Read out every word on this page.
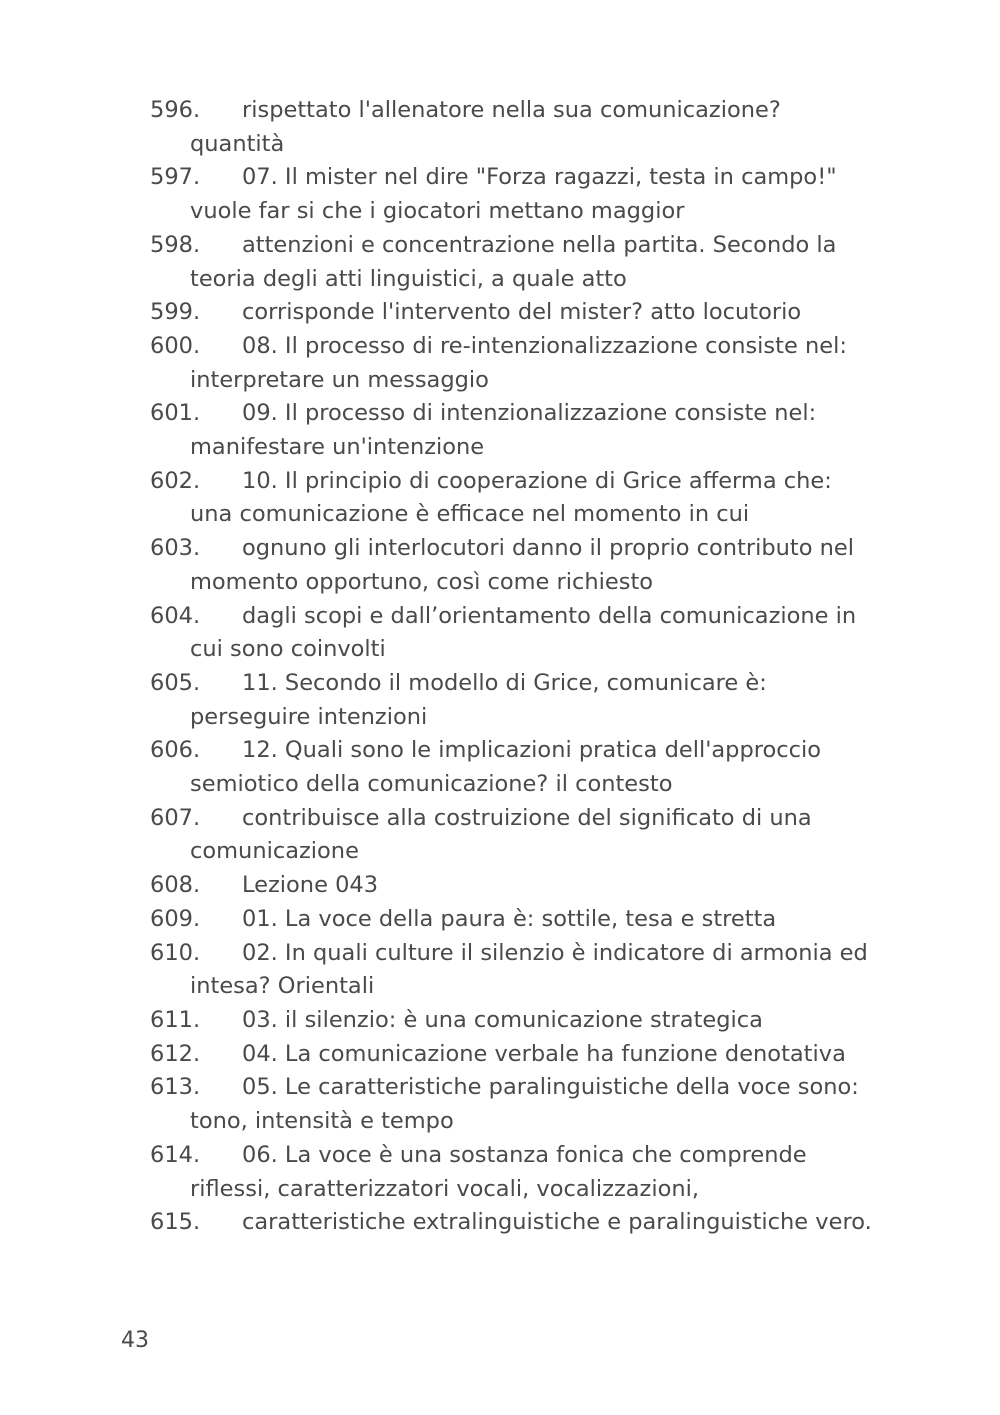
596.	rispettato l'allenatore nella sua comunicazione?
quantità
597.	07. Il mister nel dire "Forza ragazzi, testa in campo!"
vuole far si che i giocatori mettano maggior
598.	attenzioni e concentrazione nella partita. Secondo la
teoria degli atti linguistici, a quale atto
599.	corrisponde l'intervento del mister? atto locutorio
600.	08. Il processo di re-intenzionalizzazione consiste nel:
interpretare un messaggio
601.	09. Il processo di intenzionalizzazione consiste nel:
manifestare un'intenzione
602.	10. Il principio di cooperazione di Grice afferma che:
una comunicazione è efficace nel momento in cui
603.	ognuno gli interlocutori danno il proprio contributo nel
momento opportuno, così come richiesto
604.	dagli scopi e dall’orientamento della comunicazione in
cui sono coinvolti
605.	11. Secondo il modello di Grice, comunicare è:
perseguire intenzioni
606.	12. Quali sono le implicazioni pratica dell'approccio
semiotico della comunicazione? il contesto
607.	contribuisce alla costruizione del significato di una
comunicazione
608.	Lezione 043
609.	01. La voce della paura è: sottile, tesa e stretta
610.	02. In quali culture il silenzio è indicatore di armonia ed
intesa? Orientali
611.	03. il silenzio: è una comunicazione strategica
612.	04. La comunicazione verbale ha funzione denotativa
613.	05. Le caratteristiche paralinguistiche della voce sono:
tono, intensità e tempo
614.	06. La voce è una sostanza fonica che comprende
riflessi, caratterizzatori vocali, vocalizzazioni,
615.	caratteristiche extralinguistiche e paralinguistiche vero.
43
